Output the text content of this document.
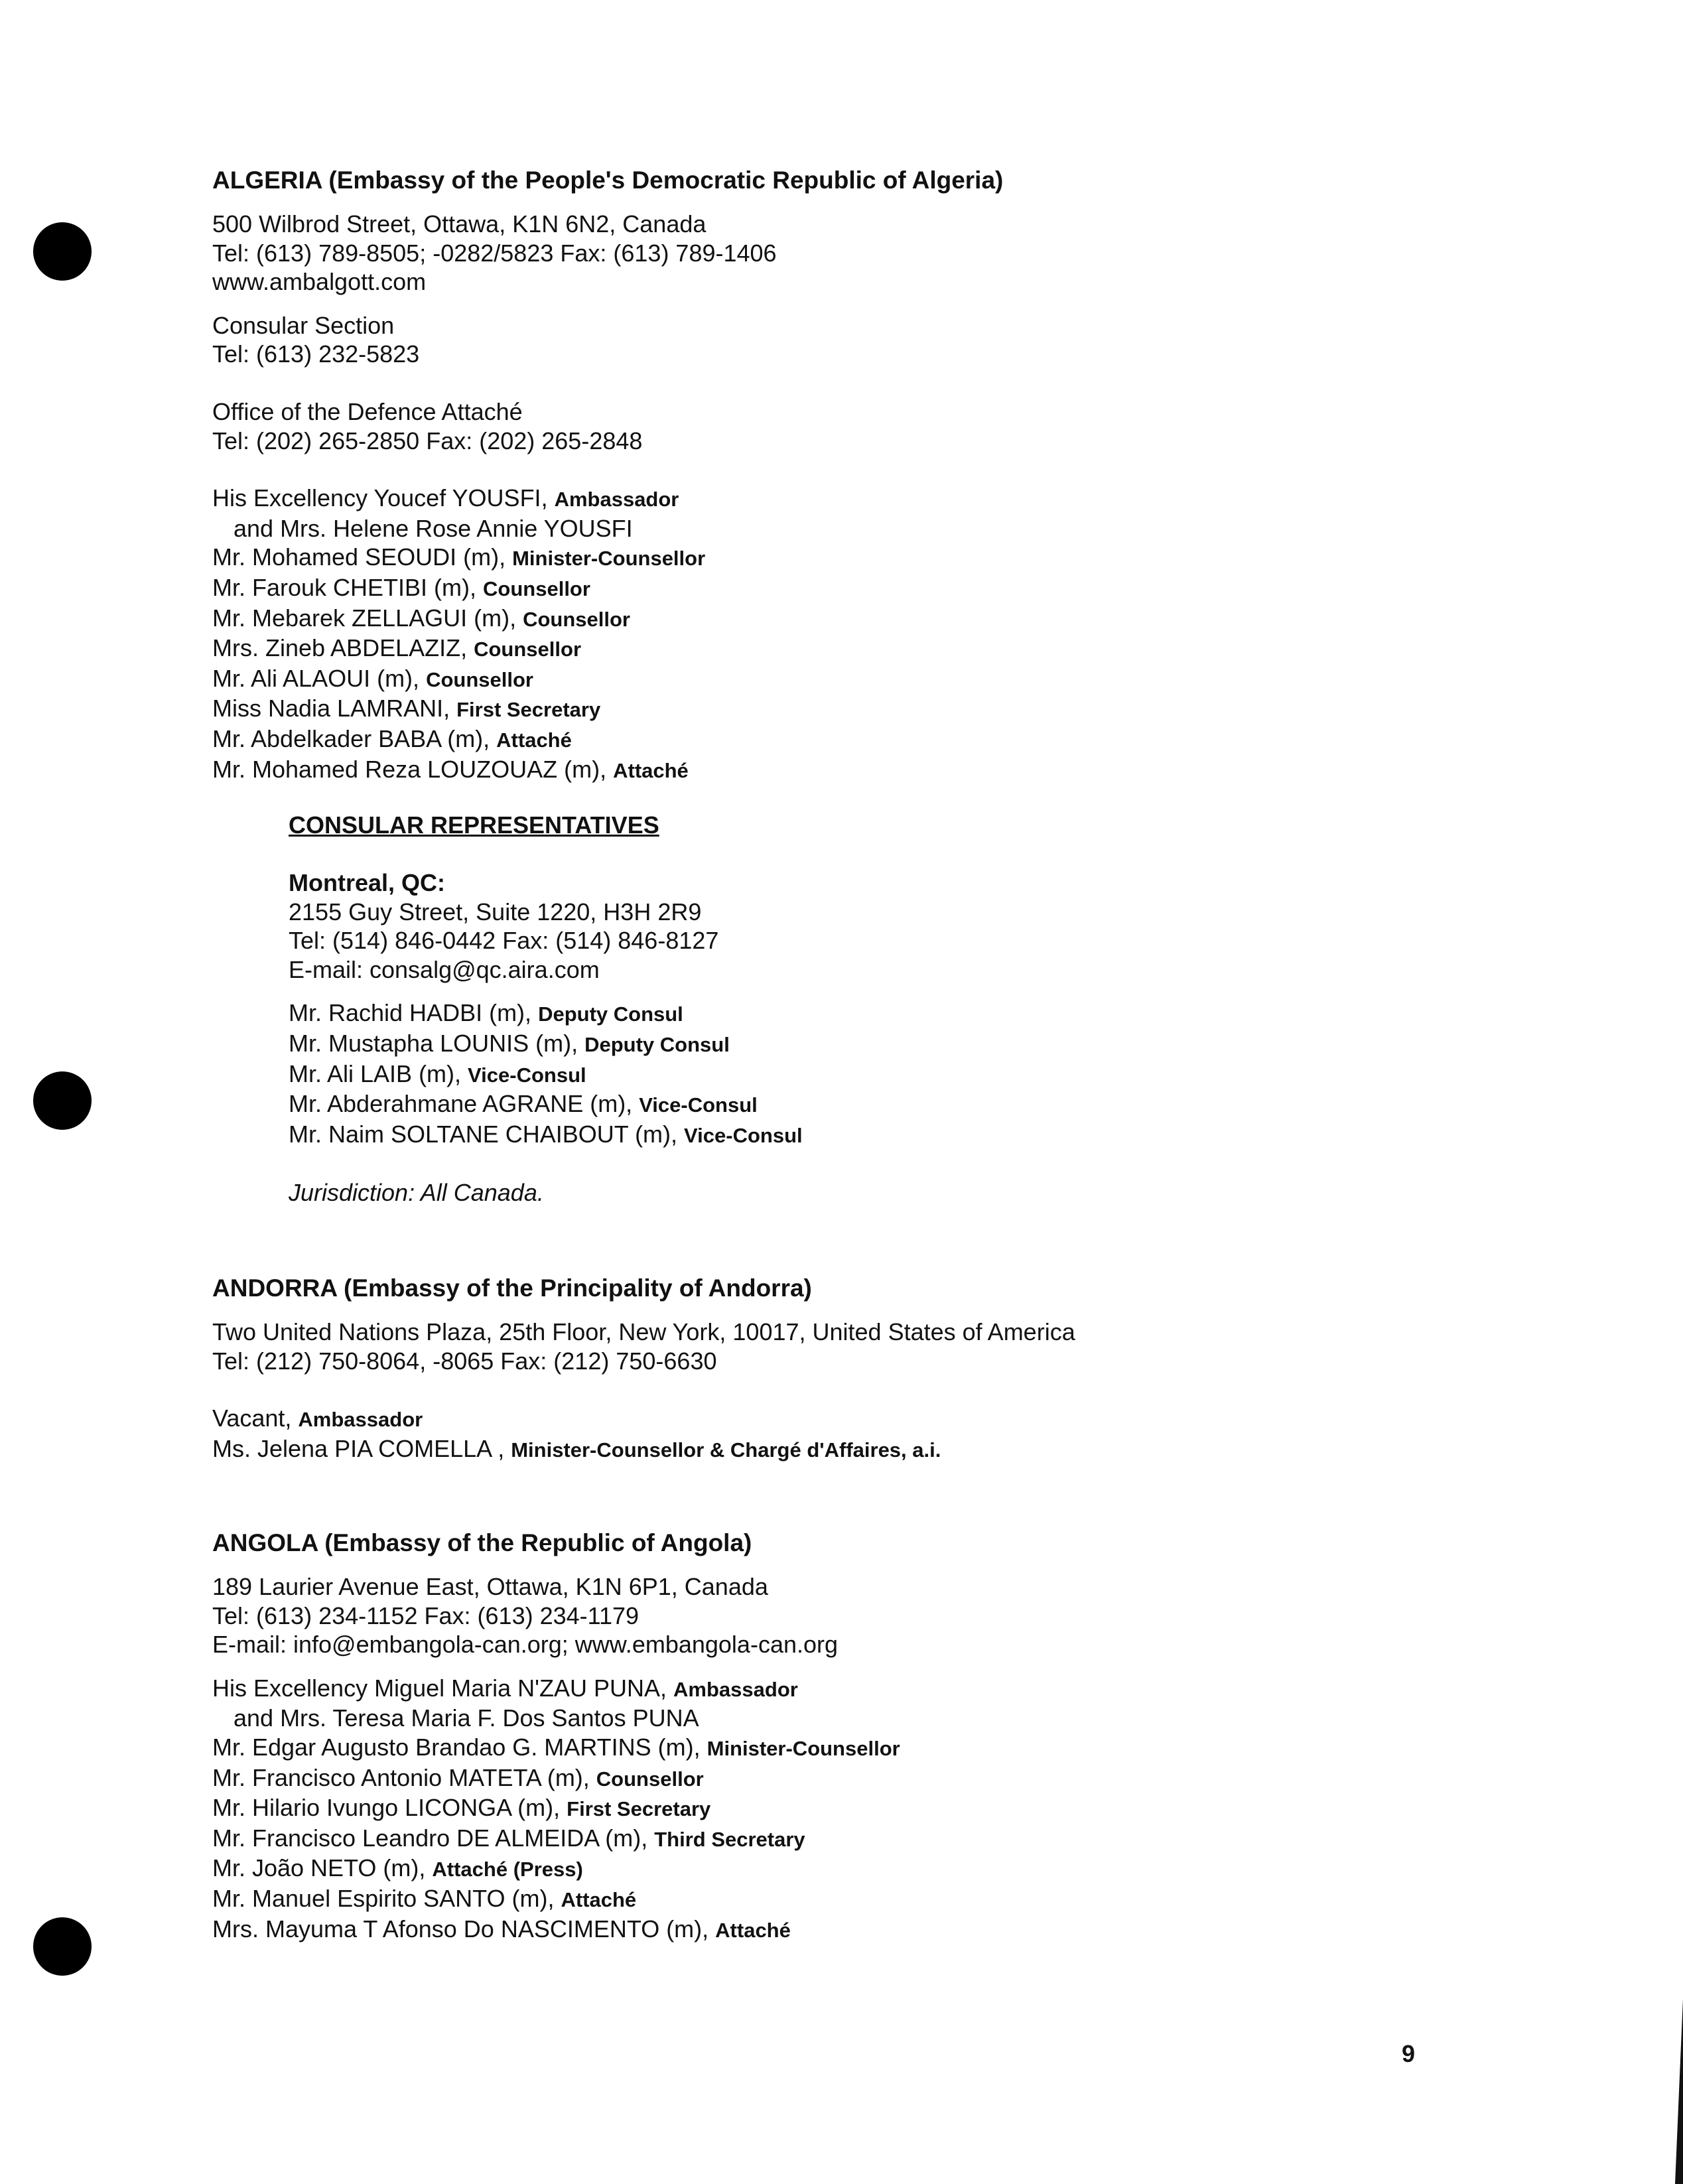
ALGERIA (Embassy of the People's Democratic Republic of Algeria)
500 Wilbrod Street, Ottawa, K1N 6N2, Canada
Tel: (613) 789-8505; -0282/5823 Fax: (613) 789-1406
www.ambalgott.com
Consular Section
Tel: (613) 232-5823
Office of the Defence Attaché
Tel: (202) 265-2850 Fax: (202) 265-2848
His Excellency Youcef YOUSFI, Ambassador
and Mrs. Helene Rose Annie YOUSFI
Mr. Mohamed SEOUDI (m), Minister-Counsellor
Mr. Farouk CHETIBI (m), Counsellor
Mr. Mebarek ZELLAGUI (m), Counsellor
Mrs. Zineb ABDELAZIZ, Counsellor
Mr. Ali ALAOUI (m), Counsellor
Miss Nadia LAMRANI, First Secretary
Mr. Abdelkader BABA (m), Attaché
Mr. Mohamed Reza LOUZOUAZ (m), Attaché
CONSULAR REPRESENTATIVES
Montreal, QC:
2155 Guy Street, Suite 1220, H3H 2R9
Tel: (514) 846-0442 Fax: (514) 846-8127
E-mail: consalg@qc.aira.com
Mr. Rachid HADBI (m), Deputy Consul
Mr. Mustapha LOUNIS (m), Deputy Consul
Mr. Ali LAIB (m), Vice-Consul
Mr. Abderahmane AGRANE (m), Vice-Consul
Mr. Naim SOLTANE CHAIBOUT (m), Vice-Consul
Jurisdiction: All Canada.
ANDORRA (Embassy of the Principality of Andorra)
Two United Nations Plaza, 25th Floor, New York, 10017, United States of America
Tel: (212) 750-8064, -8065 Fax: (212) 750-6630
Vacant, Ambassador
Ms. Jelena PIA COMELLA , Minister-Counsellor & Chargé d'Affaires, a.i.
ANGOLA (Embassy of the Republic of Angola)
189 Laurier Avenue East, Ottawa, K1N 6P1, Canada
Tel: (613) 234-1152 Fax: (613) 234-1179
E-mail: info@embangola-can.org; www.embangola-can.org
His Excellency Miguel Maria N'ZAU PUNA, Ambassador
and Mrs. Teresa Maria F. Dos Santos PUNA
Mr. Edgar Augusto Brandao G. MARTINS (m), Minister-Counsellor
Mr. Francisco Antonio MATETA (m), Counsellor
Mr. Hilario Ivungo LICONGA (m), First Secretary
Mr. Francisco Leandro DE ALMEIDA (m), Third Secretary
Mr. João NETO (m), Attaché (Press)
Mr. Manuel Espirito SANTO (m), Attaché
Mrs. Mayuma T Afonso Do NASCIMENTO (m), Attaché
9
